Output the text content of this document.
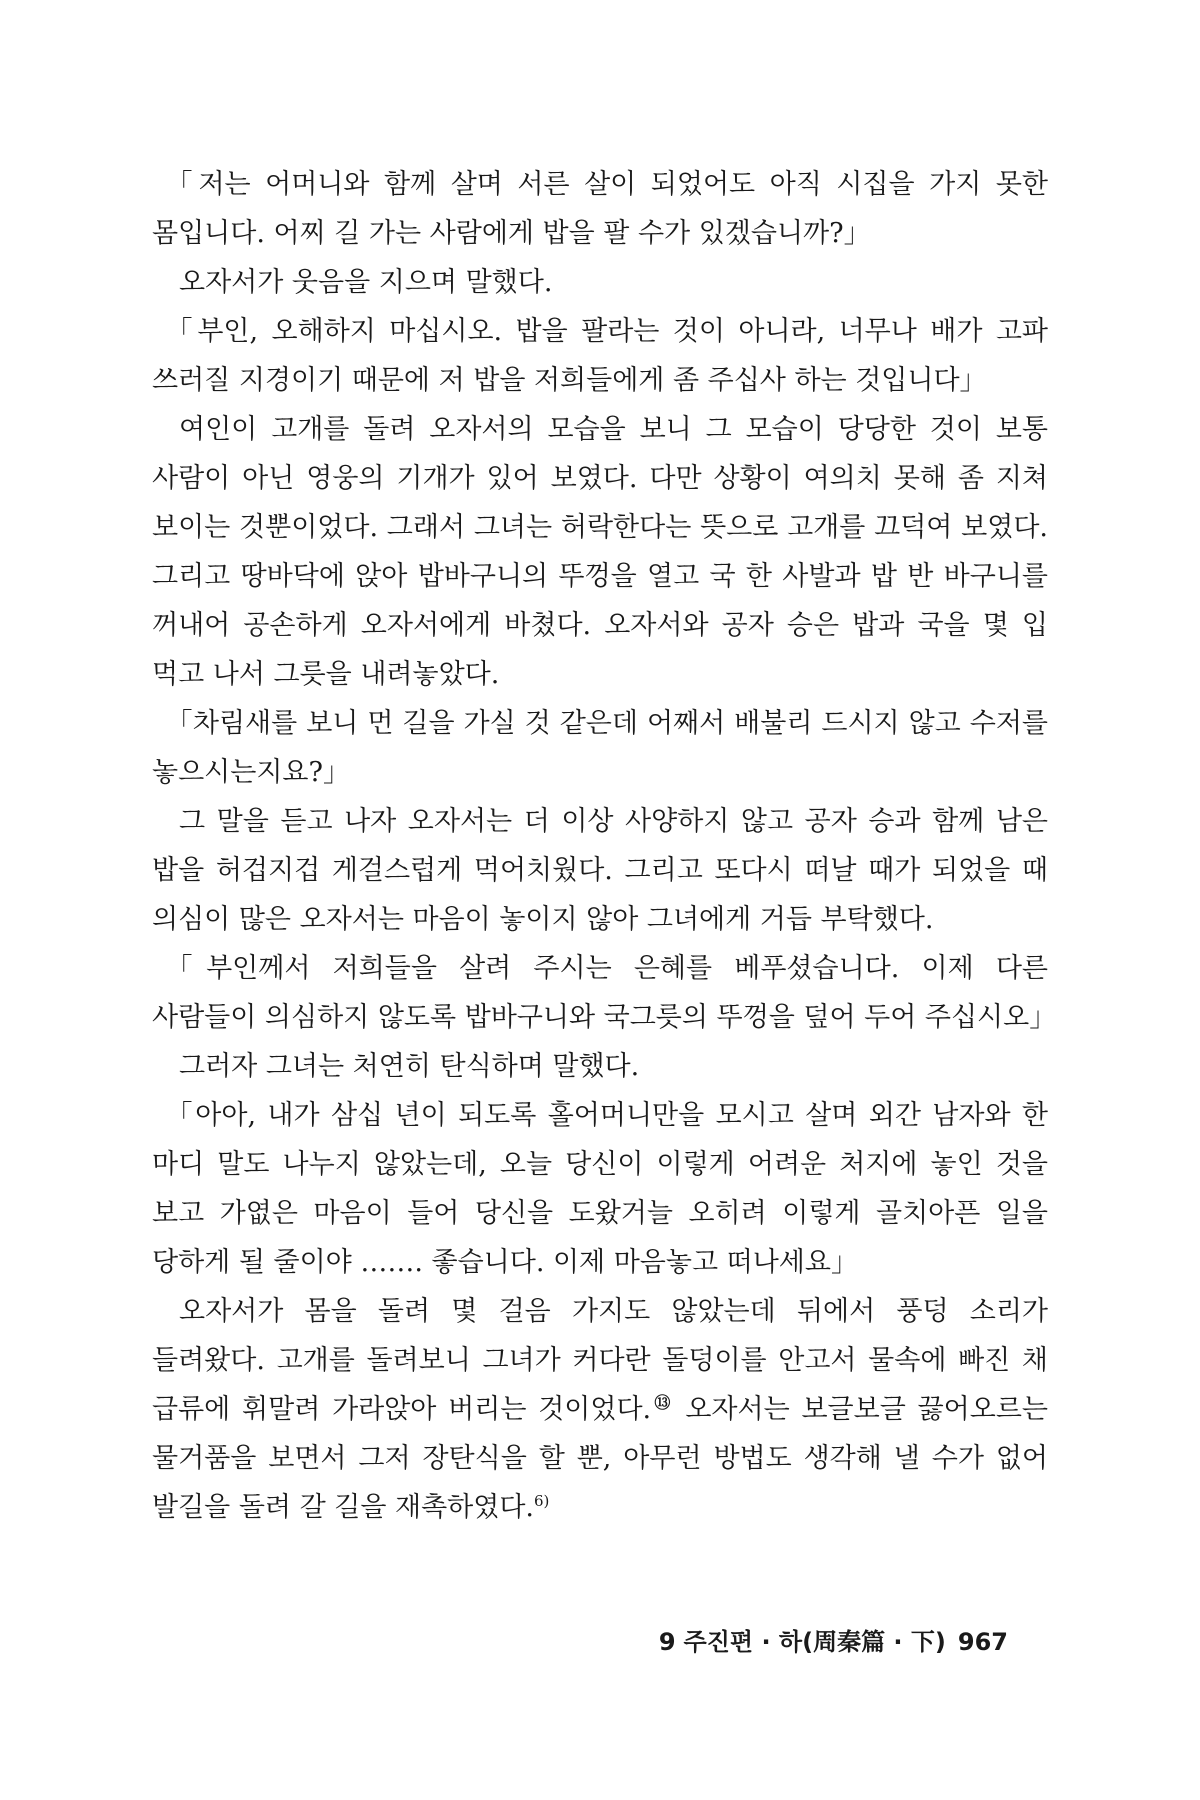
「저는 어머니와 함께 살며 서른 살이 되었어도 아직 시집을 가지 못한 몸입니다. 어찌 길 가는 사람에게 밥을 팔 수가 있겠습니까?」

오자서가 웃음을 지으며 말했다.

「부인, 오해하지 마십시오. 밥을 팔라는 것이 아니라, 너무나 배가 고파 쓰러질 지경이기 때문에 저 밥을 저희들에게 좀 주십사 하는 것입니다」

여인이 고개를 돌려 오자서의 모습을 보니 그 모습이 당당한 것이 보통 사람이 아닌 영웅의 기개가 있어 보였다. 다만 상황이 여의치 못해 좀 지쳐 보이는 것뿐이었다. 그래서 그녀는 허락한다는 뜻으로 고개를 끄덕여 보였다. 그리고 땅바닥에 앉아 밥바구니의 뚜껑을 열고 국 한 사발과 밥 반 바구니를 꺼내어 공손하게 오자서에게 바쳤다. 오자서와 공자 승은 밥과 국을 몇 입 먹고 나서 그릇을 내려놓았다.

「차림새를 보니 먼 길을 가실 것 같은데 어째서 배불리 드시지 않고 수저를 놓으시는지요?」

그 말을 듣고 나자 오자서는 더 이상 사양하지 않고 공자 승과 함께 남은 밥을 허겁지겁 게걸스럽게 먹어치웠다. 그리고 또다시 떠날 때가 되었을 때 의심이 많은 오자서는 마음이 놓이지 않아 그녀에게 거듭 부탁했다.

「부인께서 저희들을 살려 주시는 은혜를 베푸셨습니다. 이제 다른 사람들이 의심하지 않도록 밥바구니와 국그릇의 뚜껑을 덮어 두어 주십시오」

그러자 그녀는 처연히 탄식하며 말했다.

「아아, 내가 삼십 년이 되도록 홀어머니만을 모시고 살며 외간 남자와 한 마디 말도 나누지 않았는데, 오늘 당신이 이렇게 어려운 처지에 놓인 것을 보고 가엾은 마음이 들어 당신을 도왔거늘 오히려 이렇게 골치아픈 일을 당하게 될 줄이야 ……. 좋습니다. 이제 마음놓고 떠나세요」

오자서가 몸을 돌려 몇 걸음 가지도 않았는데 뒤에서 풍덩 소리가 들려왔다. 고개를 돌려보니 그녀가 커다란 돌덩이를 안고서 물속에 빠진 채 급류에 휘말려 가라앉아 버리는 것이었다.⑬ 오자서는 보글보글 끓어오르는 물거품을 보면서 그저 장탄식을 할 뿐, 아무런 방법도 생각해 낼 수가 없어 발길을 돌려 갈 길을 재촉하였다.$^{6)}$

9 주진편 · 하(周秦篇 · 下) 967
